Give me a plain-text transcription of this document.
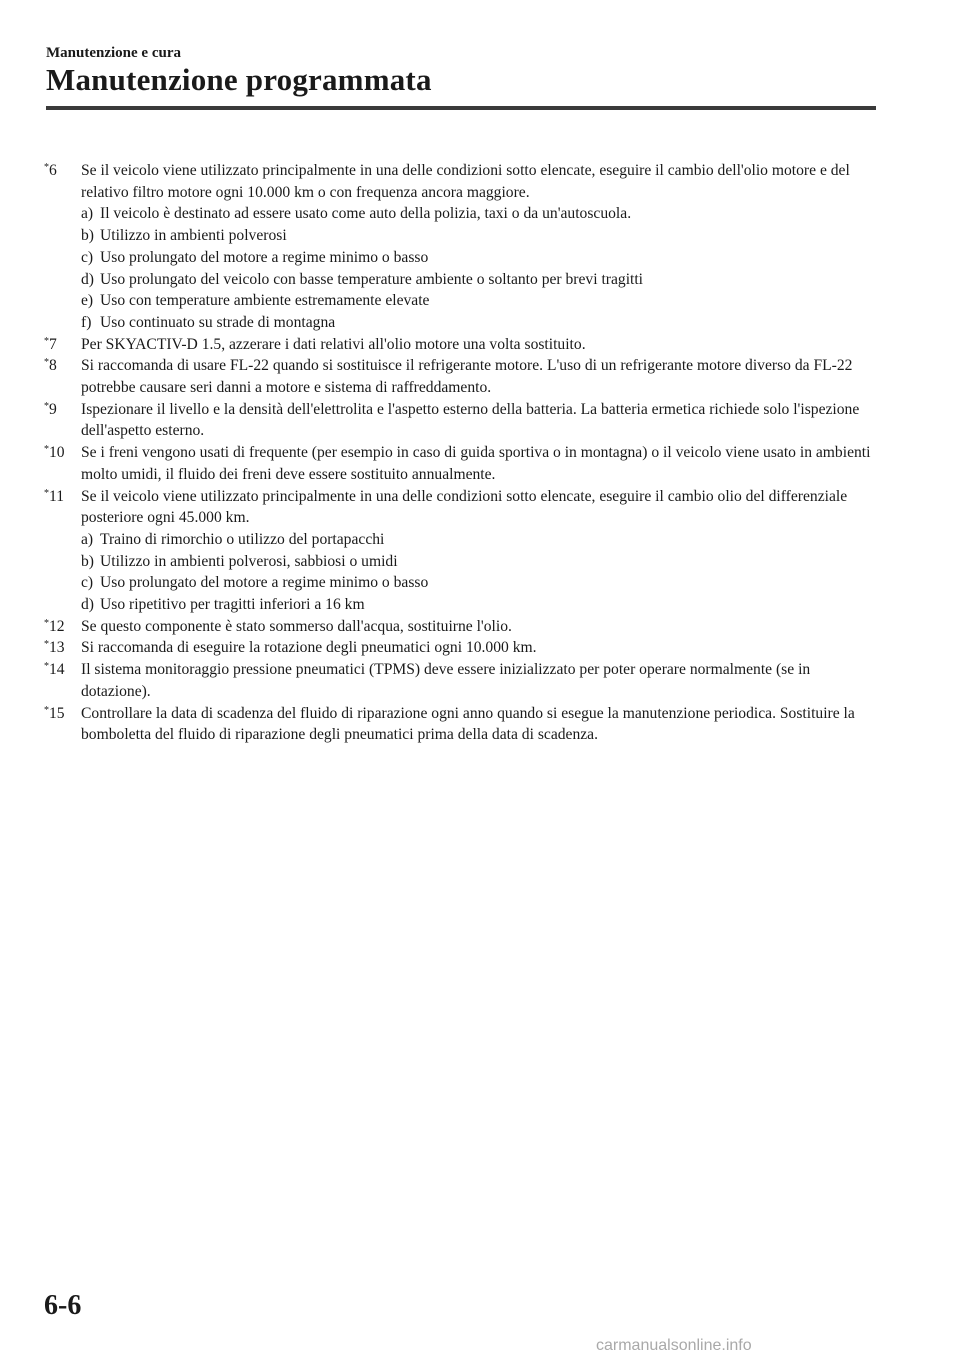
Manutenzione e cura

Manutenzione programmata
*6 Se il veicolo viene utilizzato principalmente in una delle condizioni sotto elencate, eseguire il cambio dell'olio motore e del relativo filtro motore ogni 10.000 km o con frequenza ancora maggiore.
a) Il veicolo è destinato ad essere usato come auto della polizia, taxi o da un'autoscuola.
b) Utilizzo in ambienti polverosi
c) Uso prolungato del motore a regime minimo o basso
d) Uso prolungato del veicolo con basse temperature ambiente o soltanto per brevi tragitti
e) Uso con temperature ambiente estremamente elevate
f) Uso continuato su strade di montagna
*7 Per SKYACTIV-D 1.5, azzerare i dati relativi all'olio motore una volta sostituito.
*8 Si raccomanda di usare FL-22 quando si sostituisce il refrigerante motore. L'uso di un refrigerante motore diverso da FL-22 potrebbe causare seri danni a motore e sistema di raffreddamento.
*9 Ispezionare il livello e la densità dell'elettrolita e l'aspetto esterno della batteria. La batteria ermetica richiede solo l'ispezione dell'aspetto esterno.
*10 Se i freni vengono usati di frequente (per esempio in caso di guida sportiva o in montagna) o il veicolo viene usato in ambienti molto umidi, il fluido dei freni deve essere sostituito annualmente.
*11 Se il veicolo viene utilizzato principalmente in una delle condizioni sotto elencate, eseguire il cambio olio del differenziale posteriore ogni 45.000 km.
a) Traino di rimorchio o utilizzo del portapacchi
b) Utilizzo in ambienti polverosi, sabbiosi o umidi
c) Uso prolungato del motore a regime minimo o basso
d) Uso ripetitivo per tragitti inferiori a 16 km
*12 Se questo componente è stato sommerso dall'acqua, sostituirne l'olio.
*13 Si raccomanda di eseguire la rotazione degli pneumatici ogni 10.000 km.
*14 Il sistema monitoraggio pressione pneumatici (TPMS) deve essere inizializzato per poter operare normalmente (se in dotazione).
*15 Controllare la data di scadenza del fluido di riparazione ogni anno quando si esegue la manutenzione periodica. Sostituire la bomboletta del fluido di riparazione degli pneumatici prima della data di scadenza.
6-6
carmanualsonline.info
